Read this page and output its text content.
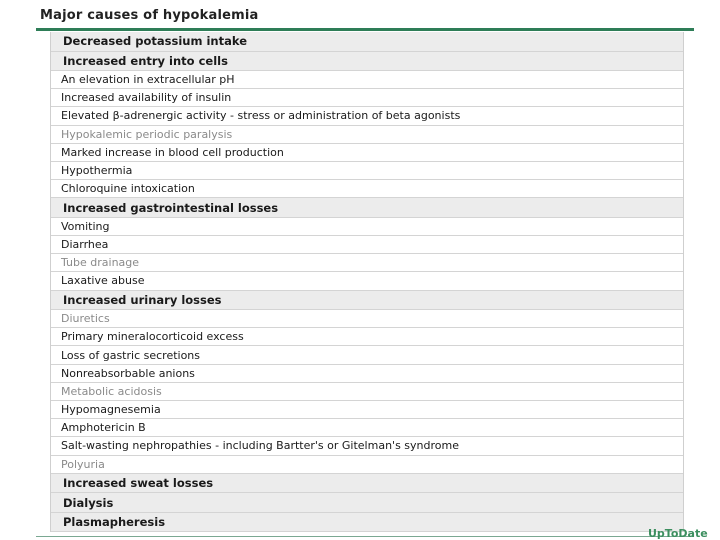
Major causes of hypokalemia
Decreased potassium intake
Increased entry into cells
An elevation in extracellular pH
Increased availability of insulin
Elevated β-adrenergic activity - stress or administration of beta agonists
Hypokalemic periodic paralysis
Marked increase in blood cell production
Hypothermia
Chloroquine intoxication
Increased gastrointestinal losses
Vomiting
Diarrhea
Tube drainage
Laxative abuse
Increased urinary losses
Diuretics
Primary mineralocorticoid excess
Loss of gastric secretions
Nonreabsorbable anions
Metabolic acidosis
Hypomagnesemia
Amphotericin B
Salt-wasting nephropathies - including Bartter's or Gitelman's syndrome
Polyuria
Increased sweat losses
Dialysis
Plasmapheresis
UpToDate
